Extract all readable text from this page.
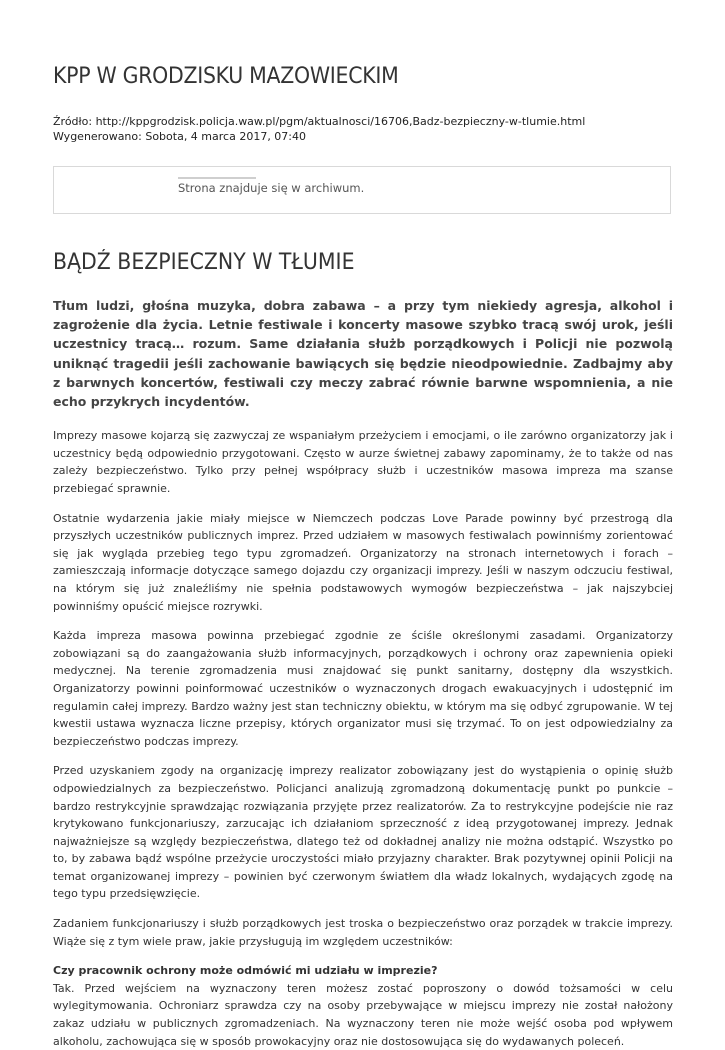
KPP W GRODZISKU MAZOWIECKIM
Źródło: http://kppgrodzisk.policja.waw.pl/pgm/aktualnosci/16706,Badz-bezpieczny-w-tlumie.html
Wygenerowano: Sobota, 4 marca 2017, 07:40
Strona znajduje się w archiwum.
BĄDŹ BEZPIECZNY W TŁUMIE

Tłum ludzi, głośna muzyka, dobra zabawa – a przy tym niekiedy agresja, alkohol i zagrożenie dla życia. Letnie festiwale i koncerty masowe szybko tracą swój urok, jeśli uczestnicy tracą… rozum. Same działania służb porządkowych i Policji nie pozwolą uniknąć tragedii jeśli zachowanie bawiących się będzie nieodpowiednie. Zadbajmy aby z barwnych koncertów, festiwali czy meczy zabrać równie barwne wspomnienia, a nie echo przykrych incydentów.

Imprezy masowe kojarzą się zazwyczaj ze wspaniałym przeżyciem i emocjami, o ile zarówno organizatorzy jak i uczestnicy będą odpowiednio przygotowani. Często w aurze świetnej zabawy zapominamy, że to także od nas zależy bezpieczeństwo. Tylko przy pełnej współpracy służb i uczestników masowa impreza ma szanse przebiegać sprawnie.

Ostatnie wydarzenia jakie miały miejsce w Niemczech podczas Love Parade powinny być przestrogą dla przyszłych uczestników publicznych imprez. Przed udziałem w masowych festiwalach powinniśmy zorientować się jak wygląda przebieg tego typu zgromadzeń. Organizatorzy na stronach internetowych i forach – zamieszczają informacje dotyczące samego dojazdu czy organizacji imprezy. Jeśli w naszym odczuciu festiwal, na którym się już znaleźliśmy nie spełnia podstawowych wymogów bezpieczeństwa – jak najszybciej powinniśmy opuścić miejsce rozrywki.

Każda impreza masowa powinna przebiegać zgodnie ze ściśle określonymi zasadami. Organizatorzy zobowiązani są do zaangażowania służb informacyjnych, porządkowych i ochrony oraz zapewnienia opieki medycznej. Na terenie zgromadzenia musi znajdować się punkt sanitarny, dostępny dla wszystkich. Organizatorzy powinni poinformować uczestników o wyznaczonych drogach ewakuacyjnych i udostępnić im regulamin całej imprezy. Bardzo ważny jest stan techniczny obiektu, w którym ma się odbyć zgrupowanie. W tej kwestii ustawa wyznacza liczne przepisy, których organizator musi się trzymać. To on jest odpowiedzialny za bezpieczeństwo podczas imprezy.

Przed uzyskaniem zgody na organizację imprezy realizator zobowiązany jest do wystąpienia o opinię służb odpowiedzialnych za bezpieczeństwo. Policjanci analizują zgromadzoną dokumentację punkt po punkcie – bardzo restrykcyjnie sprawdzając rozwiązania przyjęte przez realizatorów. Za to restrykcyjne podejście nie raz krytykowano funkcjonariuszy, zarzucając ich działaniom sprzeczność z ideą przygotowanej imprezy. Jednak najważniejsze są względy bezpieczeństwa, dlatego też od dokładnej analizy nie można odstąpić. Wszystko po to, by zabawa bądź wspólne przeżycie uroczystości miało przyjazny charakter. Brak pozytywnej opinii Policji na temat organizowanej imprezy – powinien być czerwonym światłem dla władz lokalnych, wydających zgodę na tego typu przedsięwzięcie.

Zadaniem funkcjonariuszy i służb porządkowych jest troska o bezpieczeństwo oraz porządek w trakcie imprezy. Wiąże się z tym wiele praw, jakie przysługują im względem uczestników:

Czy pracownik ochrony może odmówić mi udziału w imprezie?

Tak. Przed wejściem na wyznaczony teren możesz zostać poproszony o dowód tożsamości w celu wylegitymowania. Ochroniarz sprawdza czy na osoby przebywające w miejscu imprezy nie został nałożony zakaz udziału w publicznych zgromadzeniach. Na wyznaczony teren nie może wejść osoba pod wpływem alkoholu, zachowująca się w sposób prowokacyjny oraz nie dostosowująca się do wydawanych poleceń.
